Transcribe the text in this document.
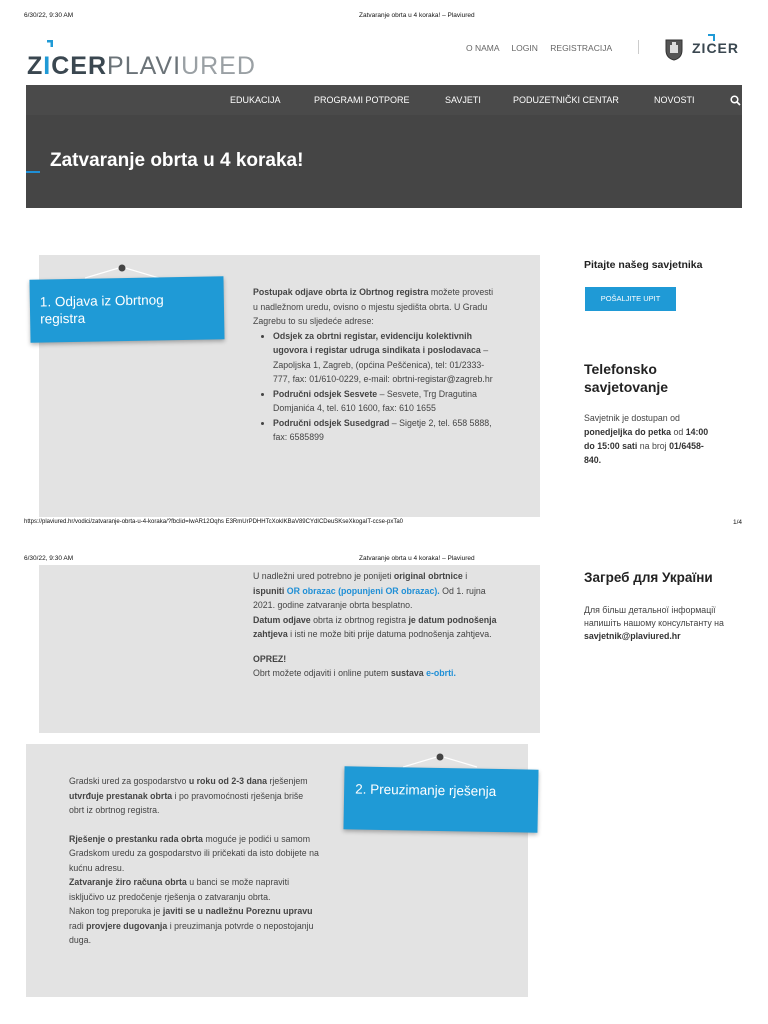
6/30/22, 9:30 AM	Zatvaranje obrta u 4 koraka! – Plaviured
ZICERPLAVIURED
O NAMA LOGIN REGISTRACIJA	ZICER
EDUKACIJA	PROGRAMI POTPORE	SAVJETI	PODUZETNIČKI CENTAR	NOVOSTI
Zatvaranje obrta u 4 koraka!
1. Odjava iz Obrtnog registra
Postupak odjave obrta iz Obrtnog registra možete provesti u nadležnom uredu, ovisno o mjestu sjedišta obrta. U Gradu Zagrebu to su sljedeće adrese:
• Odsjek za obrtni registar, evidenciju kolektivnih ugovora i registar udruga sindikata i poslodavaca – Zapoljska 1, Zagreb, (općina Peščenica), tel: 01/2333-777, fax: 01/610-0229, e-mail: obrtni-registar@zagreb.hr
• Područni odsjek Sesvete – Sesvete, Trg Dragutina Domjanića 4, tel. 610 1600, fax: 610 1655
• Područni odsjek Susedgrad – Sigetje 2, tel. 658 5888, fax: 6585899
Pitajte našeg savjetnika
POŠALJITE UPIT
Telefonsko savjetovanje
Savjetnik je dostupan od ponedjeljka do petka od 14:00 do 15:00 sati na broj 01/6458-840.
https://plaviured.hr/vodici/zatvaranje-obrta-u-4-koraka/?fbclid=IwAR12Oqhs E3RmUrPDHHTcXokIKBaV89CYdICDeuSKseXkogaIT-ccse-pxTa0	1/4
6/30/22, 9:30 AM	Zatvaranje obrta u 4 koraka! – Plaviured
U nadležni ured potrebno je ponijeti original obrtnice i ispuniti OR obrazac (popunjeni OR obrazac). Od 1. rujna 2021. godine zatvaranje obrta besplatno.
Datum odjave obrta iz obrtnog registra je datum podnošenja zahtjeva i isti ne može biti prije datuma podnošenja zahtjeva.
OPREZ!
Obrt možete odjaviti i online putem sustava e-obrti.
Загреб для України
Для більш детальної інформації напишіть нашому консультанту на savjetnik@plaviured.hr
2. Preuzimanje rješenja
Gradski ured za gospodarstvo u roku od 2-3 dana rješenjem utvrđuje prestanak obrta i po pravomoćnosti rješenja briše obrt iz obrtnog registra.
Rješenje o prestanku rada obrta moguće je podići u samom Gradskom uredu za gospodarstvo ili pričekati da isto dobijete na kućnu adresu.
Zatvaranje žiro računa obrta u banci se može napraviti isključivo uz predočenje rješenja o zatvaranju obrta.
Nakon tog preporuka je javiti se u nadležnu Poreznu upravu radi provjere dugovanja i preuzimanja potvrde o nepostojanju duga.
